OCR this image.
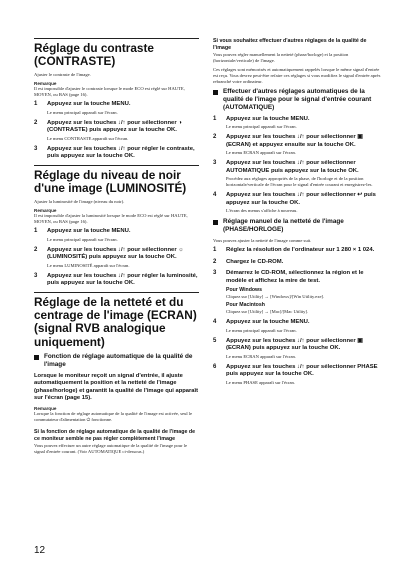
Réglage du contraste (CONTRASTE)

Ajuster le contraste de l'image.

Remarque

Il est impossible d'ajuster le contraste lorsque le mode ECO est réglé sur HAUTE, MOYEN, ou BAS (page 16).

1 Appuyez sur la touche MENU.
Le menu principal apparaît sur l'écran.
2 Appuyez sur les touches ↓/↑ pour sélectionner ◑ (CONTRASTE) puis appuyez sur la touche OK.
Le menu CONTRASTE apparaît sur l'écran.
3 Appuyez sur les touches ↓/↑ pour régler le contraste, puis appuyez sur la touche OK.
Réglage du niveau de noir d'une image (LUMINOSITÉ)

Ajuster la luminosité de l'image (niveau du noir).

Remarque

Il est impossible d'ajuster la luminosité lorsque le mode ECO est réglé sur HAUTE, MOYEN, ou BAS (page 16).

1 Appuyez sur la touche MENU.
Le menu principal apparaît sur l'écran.
2 Appuyez sur les touches ↓/↑ pour sélectionner ☼ (LUMINOSITÉ) puis appuyez sur la touche OK.
Le menu LUMINOSITÉ apparaît sur l'écran.
3 Appuyez sur les touches ↓/↑ pour régler la luminosité, puis appuyez sur la touche OK.
Réglage de la netteté et du centrage de l'image (ECRAN) (signal RVB analogique uniquement)

Fonction de réglage automatique de la qualité de l'image

Lorsque le moniteur reçoit un signal d'entrée, il ajuste automatiquement la position et la netteté de l'image (phase/horloge) et garantit la qualité de l'image qui apparaît sur l'écran (page 15).

Remarque

Lorsque la fonction de réglage automatique de la qualité de l'image est activée, seul le commutateur d'alimentation ⏻ fonctionne.

Si la fonction de réglage automatique de la qualité de l'image de ce moniteur semble ne pas régler complètement l'image

Vous pouvez effectuer un autre réglage automatique de la qualité de l'image pour le signal d'entrée courant. (Voir AUTOMATIQUE ci-dessous.)

Si vous souhaitez effectuer d'autres réglages de la qualité de l'image

Vous pouvez régler manuellement la netteté (phase/horloge) et la position (horizontale/verticale) de l'image.

Ces réglages sont mémorisés et automatiquement rappelés lorsque le même signal d'entrée est reçu. Vous devrez peut-être refaire ces réglages si vous modifiez le signal d'entrée après rebranché votre ordinateur.

Effectuer d'autres réglages automatiques de la qualité de l'image pour le signal d'entrée courant (AUTOMATIQUE)

1 Appuyez sur la touche MENU.
Le menu principal apparaît sur l'écran.
2 Appuyez sur les touches ↓/↑ pour sélectionner ▣ (ECRAN) et appuyez ensuite sur la touche OK.
Le menu ECRAN apparaît sur l'écran.
3 Appuyez sur les touches ↓/↑ pour sélectionner AUTOMATIQUE puis appuyez sur la touche OK.
Procédez aux réglages appropriés de la phase, de l'horloge et de la position horizontale/verticale de l'écran pour le signal d'entrée courant et enregistrez-les.
4 Appuyez sur les touches ↓/↑ pour sélectionner ↩ puis appuyez sur la touche OK.
L'écran des menus s'affiche à nouveau.

Réglage manuel de la netteté de l'image (PHASE/HORLOGE)

Vous pouvez ajuster la netteté de l'image comme suit.

1 Réglez la résolution de l'ordinateur sur 1 280 × 1 024.
2 Chargez le CD-ROM.
3 Démarrez le CD-ROM, sélectionnez la région et le modèle et affichez la mire de test.
Pour Windows
Cliquez sur [Utility] → [Windows]/[Win Utility.exe].
Pour Macintosh
Cliquez sur [Utility] → [Mac]/[Mac Utility].
4 Appuyez sur la touche MENU.
Le menu principal apparaît sur l'écran.
5 Appuyez sur les touches ↓/↑ pour sélectionner ▣ (ECRAN) puis appuyez sur la touche OK.
Le menu ECRAN apparaît sur l'écran.
6 Appuyez sur les touches ↓/↑ pour sélectionner PHASE puis appuyez sur la touche OK.
Le menu PHASE apparaît sur l'écran.
12
